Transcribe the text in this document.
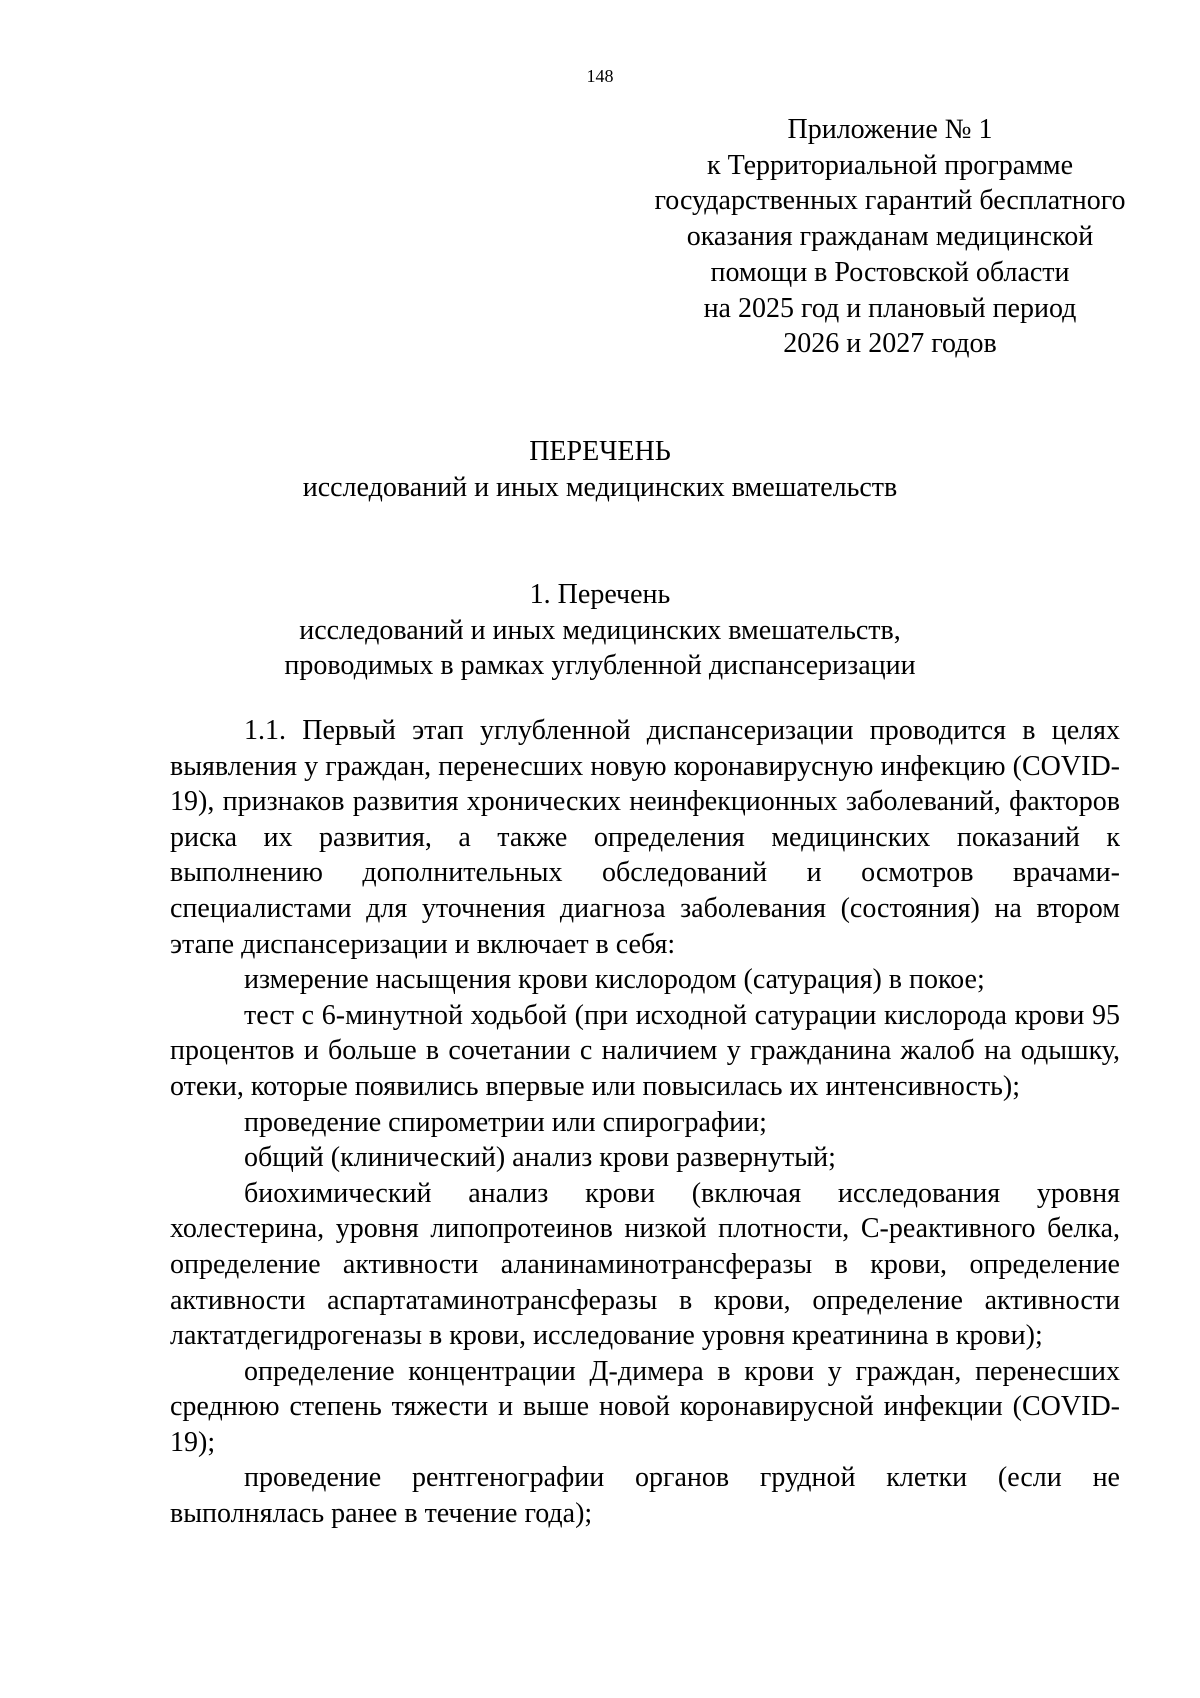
148
Приложение № 1
к Территориальной программе
государственных гарантий бесплатного
оказания гражданам медицинской
помощи в Ростовской области
на 2025 год и плановый период
2026 и 2027 годов
ПЕРЕЧЕНЬ
исследований и иных медицинских вмешательств
1. Перечень
исследований и иных медицинских вмешательств,
проводимых в рамках углубленной диспансеризации

1.1. Первый этап углубленной диспансеризации проводится в целях выявления у граждан, перенесших новую коронавирусную инфекцию (COVID-19), признаков развития хронических неинфекционных заболеваний, факторов риска их развития, а также определения медицинских показаний к выполнению дополнительных обследований и осмотров врачами-специалистами для уточнения диагноза заболевания (состояния) на втором этапе диспансеризации и включает в себя:

измерение насыщения крови кислородом (сатурация) в покое;

тест с 6-минутной ходьбой (при исходной сатурации кислорода крови 95 процентов и больше в сочетании с наличием у гражданина жалоб на одышку, отеки, которые появились впервые или повысилась их интенсивность);

проведение спирометрии или спирографии;

общий (клинический) анализ крови развернутый;

биохимический анализ крови (включая исследования уровня холестерина, уровня липопротеинов низкой плотности, С-реактивного белка, определение активности аланинаминотрансферазы в крови, определение активности аспартатаминотрансферазы в крови, определение активности лактатдегидрогеназы в крови, исследование уровня креатинина в крови);

определение концентрации Д-димера в крови у граждан, перенесших среднюю степень тяжести и выше новой коронавирусной инфекции (COVID-19);

проведение рентгенографии органов грудной клетки (если не выполнялась ранее в течение года);
